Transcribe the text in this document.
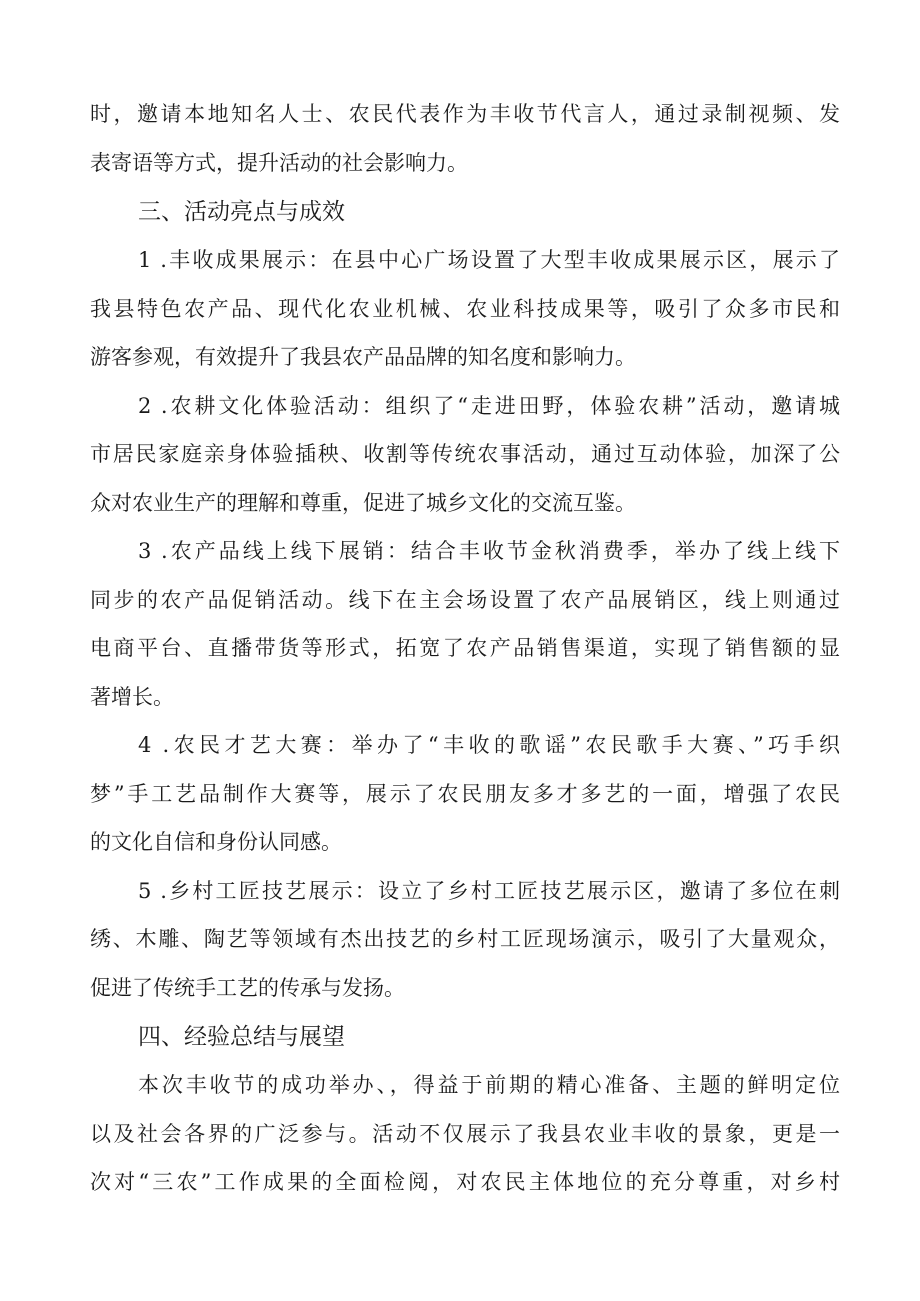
时，邀请本地知名人士、农民代表作为丰收节代言人，通过录制视频、发
表寄语等方式，提升活动的社会影响力。
三、活动亮点与成效
1 .丰收成果展示：在县中心广场设置了大型丰收成果展示区，展示了
我县特色农产品、现代化农业机械、农业科技成果等，吸引了众多市民和
游客参观，有效提升了我县农产品品牌的知名度和影响力。
2 .农耕文化体验活动：组织了“走进田野，体验农耕”活动，邀请城
市居民家庭亲身体验插秧、收割等传统农事活动，通过互动体验，加深了公
众对农业生产的理解和尊重，促进了城乡文化的交流互鉴。
3 .农产品线上线下展销：结合丰收节金秋消费季，举办了线上线下
同步的农产品促销活动。线下在主会场设置了农产品展销区，线上则通过
电商平台、直播带货等形式，拓宽了农产品销售渠道，实现了销售额的显
著增长。
4 .农民才艺大赛：举办了“丰收的歌谣”农民歌手大赛、”巧手织
梦”手工艺品制作大赛等，展示了农民朋友多才多艺的一面，增强了农民
的文化自信和身份认同感。
5 .乡村工匠技艺展示：设立了乡村工匠技艺展示区，邀请了多位在刺
绣、木雕、陶艺等领域有杰出技艺的乡村工匠现场演示，吸引了大量观众，
促进了传统手工艺的传承与发扬。
四、经验总结与展望
本次丰收节的成功举办、，得益于前期的精心准备、主题的鲜明定位
以及社会各界的广泛参与。活动不仅展示了我县农业丰收的景象，更是一
次对“三农”工作成果的全面检阅，对农民主体地位的充分尊重，对乡村
